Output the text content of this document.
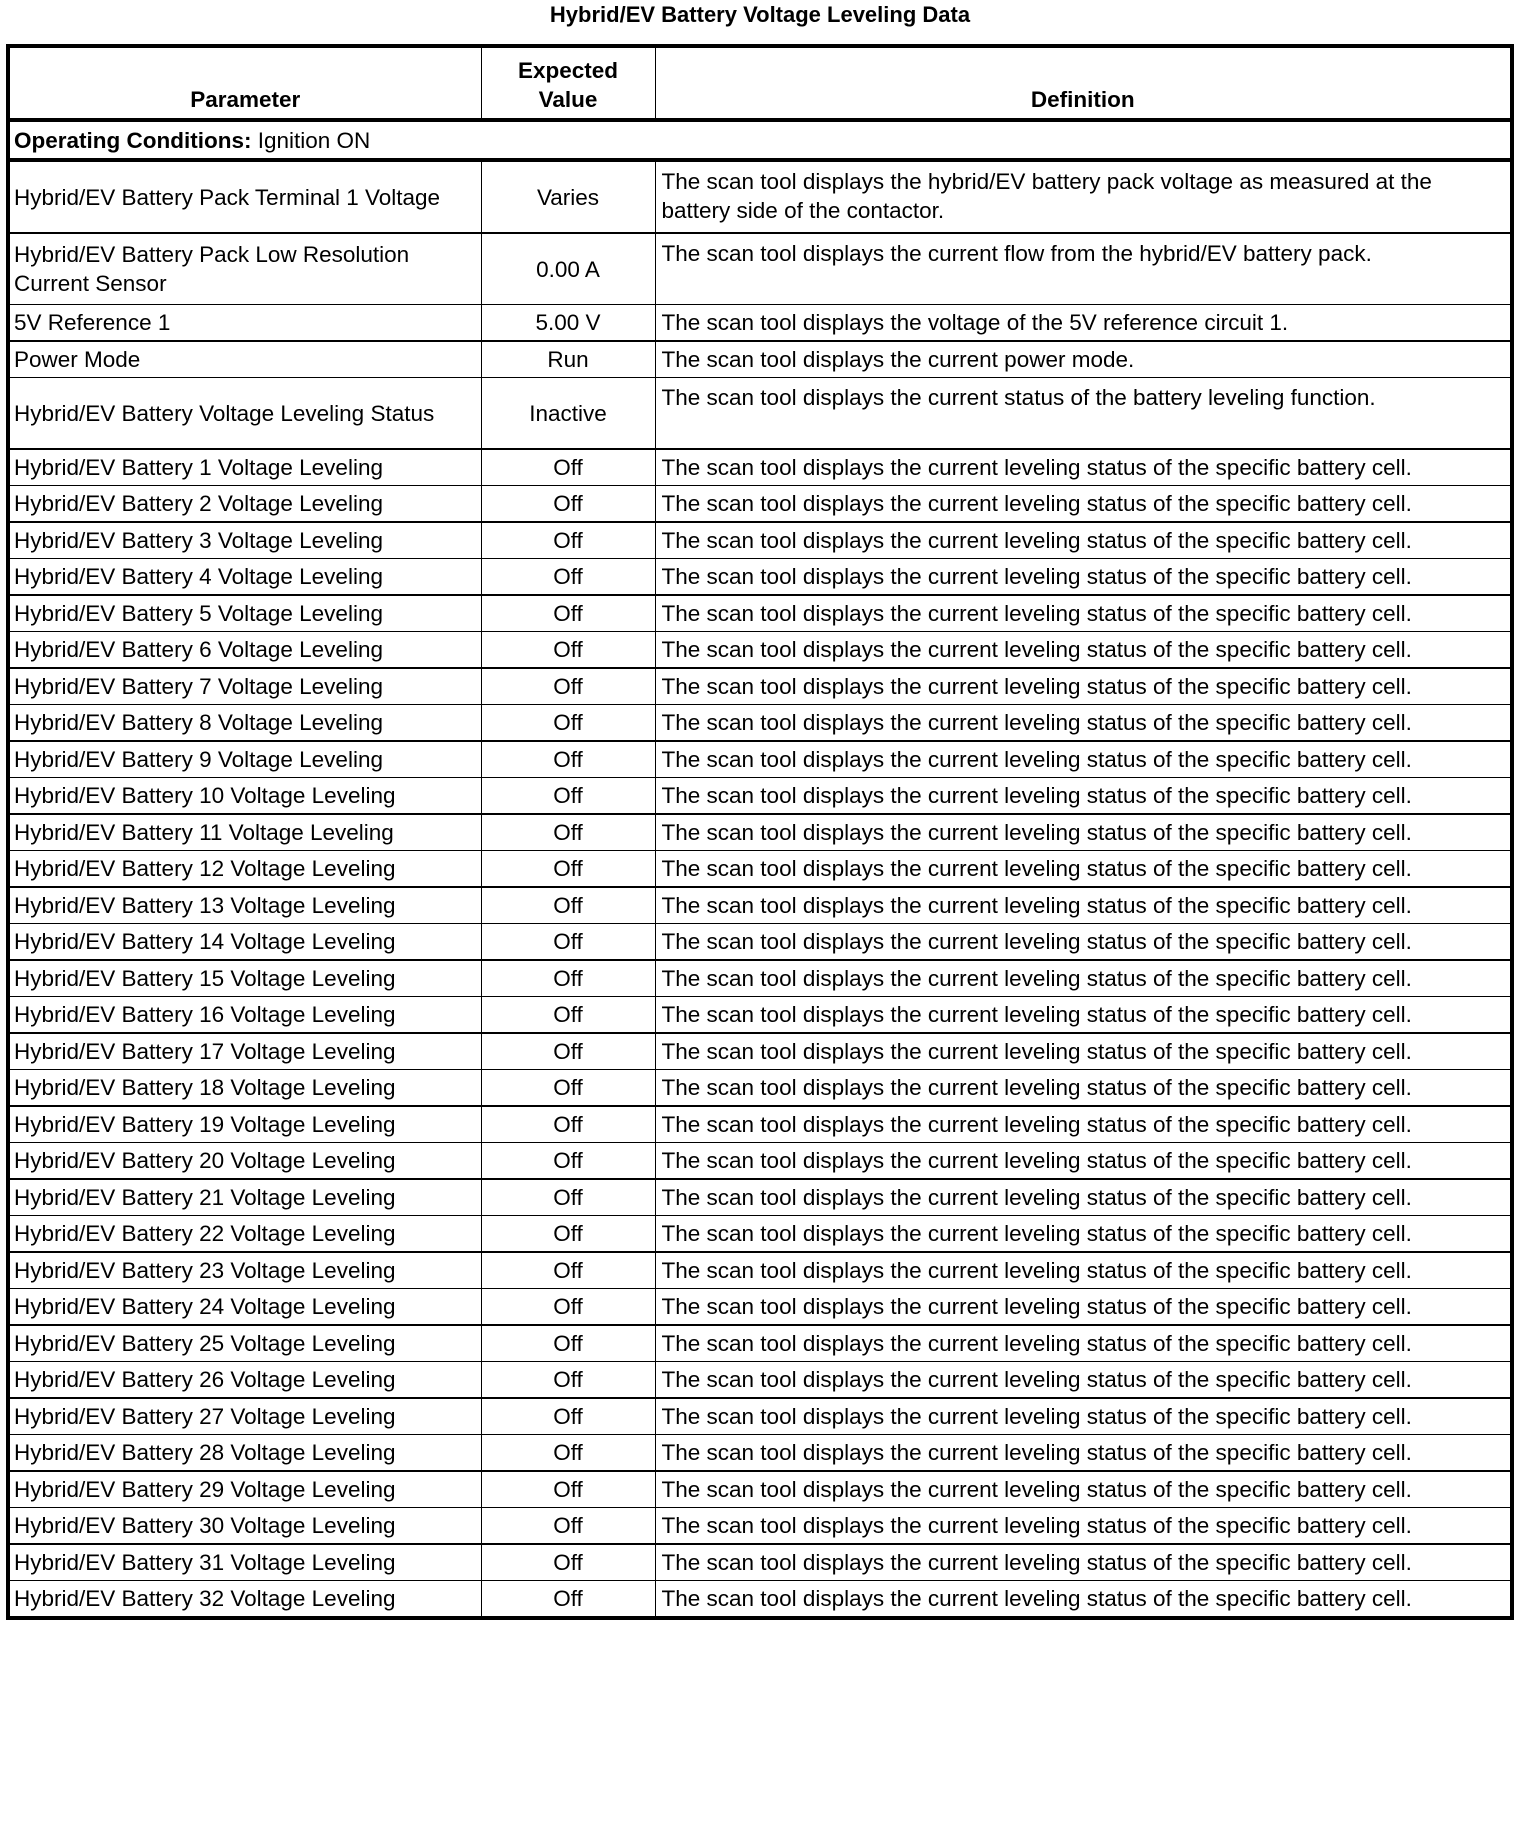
Hybrid/EV Battery Voltage Leveling Data
Parameter	Expected Value	Definition
Operating Conditions: Ignition ON		
Hybrid/EV Battery Pack Terminal 1 Voltage	Varies	The scan tool displays the hybrid/EV battery pack voltage as measured at the battery side of the contactor.
Hybrid/EV Battery Pack Low Resolution Current Sensor	0.00 A	The scan tool displays the current flow from the hybrid/EV battery pack.
5V Reference 1	5.00 V	The scan tool displays the voltage of the 5V reference circuit 1.
Power Mode	Run	The scan tool displays the current power mode.
Hybrid/EV Battery Voltage Leveling Status	Inactive	The scan tool displays the current status of the battery leveling function.
Hybrid/EV Battery 1 Voltage Leveling	Off	The scan tool displays the current leveling status of the specific battery cell.
Hybrid/EV Battery 2 Voltage Leveling	Off	The scan tool displays the current leveling status of the specific battery cell.
Hybrid/EV Battery 3 Voltage Leveling	Off	The scan tool displays the current leveling status of the specific battery cell.
Hybrid/EV Battery 4 Voltage Leveling	Off	The scan tool displays the current leveling status of the specific battery cell.
Hybrid/EV Battery 5 Voltage Leveling	Off	The scan tool displays the current leveling status of the specific battery cell.
Hybrid/EV Battery 6 Voltage Leveling	Off	The scan tool displays the current leveling status of the specific battery cell.
Hybrid/EV Battery 7 Voltage Leveling	Off	The scan tool displays the current leveling status of the specific battery cell.
Hybrid/EV Battery 8 Voltage Leveling	Off	The scan tool displays the current leveling status of the specific battery cell.
Hybrid/EV Battery 9 Voltage Leveling	Off	The scan tool displays the current leveling status of the specific battery cell.
Hybrid/EV Battery 10 Voltage Leveling	Off	The scan tool displays the current leveling status of the specific battery cell.
Hybrid/EV Battery 11 Voltage Leveling	Off	The scan tool displays the current leveling status of the specific battery cell.
Hybrid/EV Battery 12 Voltage Leveling	Off	The scan tool displays the current leveling status of the specific battery cell.
Hybrid/EV Battery 13 Voltage Leveling	Off	The scan tool displays the current leveling status of the specific battery cell.
Hybrid/EV Battery 14 Voltage Leveling	Off	The scan tool displays the current leveling status of the specific battery cell.
Hybrid/EV Battery 15 Voltage Leveling	Off	The scan tool displays the current leveling status of the specific battery cell.
Hybrid/EV Battery 16 Voltage Leveling	Off	The scan tool displays the current leveling status of the specific battery cell.
Hybrid/EV Battery 17 Voltage Leveling	Off	The scan tool displays the current leveling status of the specific battery cell.
Hybrid/EV Battery 18 Voltage Leveling	Off	The scan tool displays the current leveling status of the specific battery cell.
Hybrid/EV Battery 19 Voltage Leveling	Off	The scan tool displays the current leveling status of the specific battery cell.
Hybrid/EV Battery 20 Voltage Leveling	Off	The scan tool displays the current leveling status of the specific battery cell.
Hybrid/EV Battery 21 Voltage Leveling	Off	The scan tool displays the current leveling status of the specific battery cell.
Hybrid/EV Battery 22 Voltage Leveling	Off	The scan tool displays the current leveling status of the specific battery cell.
Hybrid/EV Battery 23 Voltage Leveling	Off	The scan tool displays the current leveling status of the specific battery cell.
Hybrid/EV Battery 24 Voltage Leveling	Off	The scan tool displays the current leveling status of the specific battery cell.
Hybrid/EV Battery 25 Voltage Leveling	Off	The scan tool displays the current leveling status of the specific battery cell.
Hybrid/EV Battery 26 Voltage Leveling	Off	The scan tool displays the current leveling status of the specific battery cell.
Hybrid/EV Battery 27 Voltage Leveling	Off	The scan tool displays the current leveling status of the specific battery cell.
Hybrid/EV Battery 28 Voltage Leveling	Off	The scan tool displays the current leveling status of the specific battery cell.
Hybrid/EV Battery 29 Voltage Leveling	Off	The scan tool displays the current leveling status of the specific battery cell.
Hybrid/EV Battery 30 Voltage Leveling	Off	The scan tool displays the current leveling status of the specific battery cell.
Hybrid/EV Battery 31 Voltage Leveling	Off	The scan tool displays the current leveling status of the specific battery cell.
Hybrid/EV Battery 32 Voltage Leveling	Off	The scan tool displays the current leveling status of the specific battery cell.
